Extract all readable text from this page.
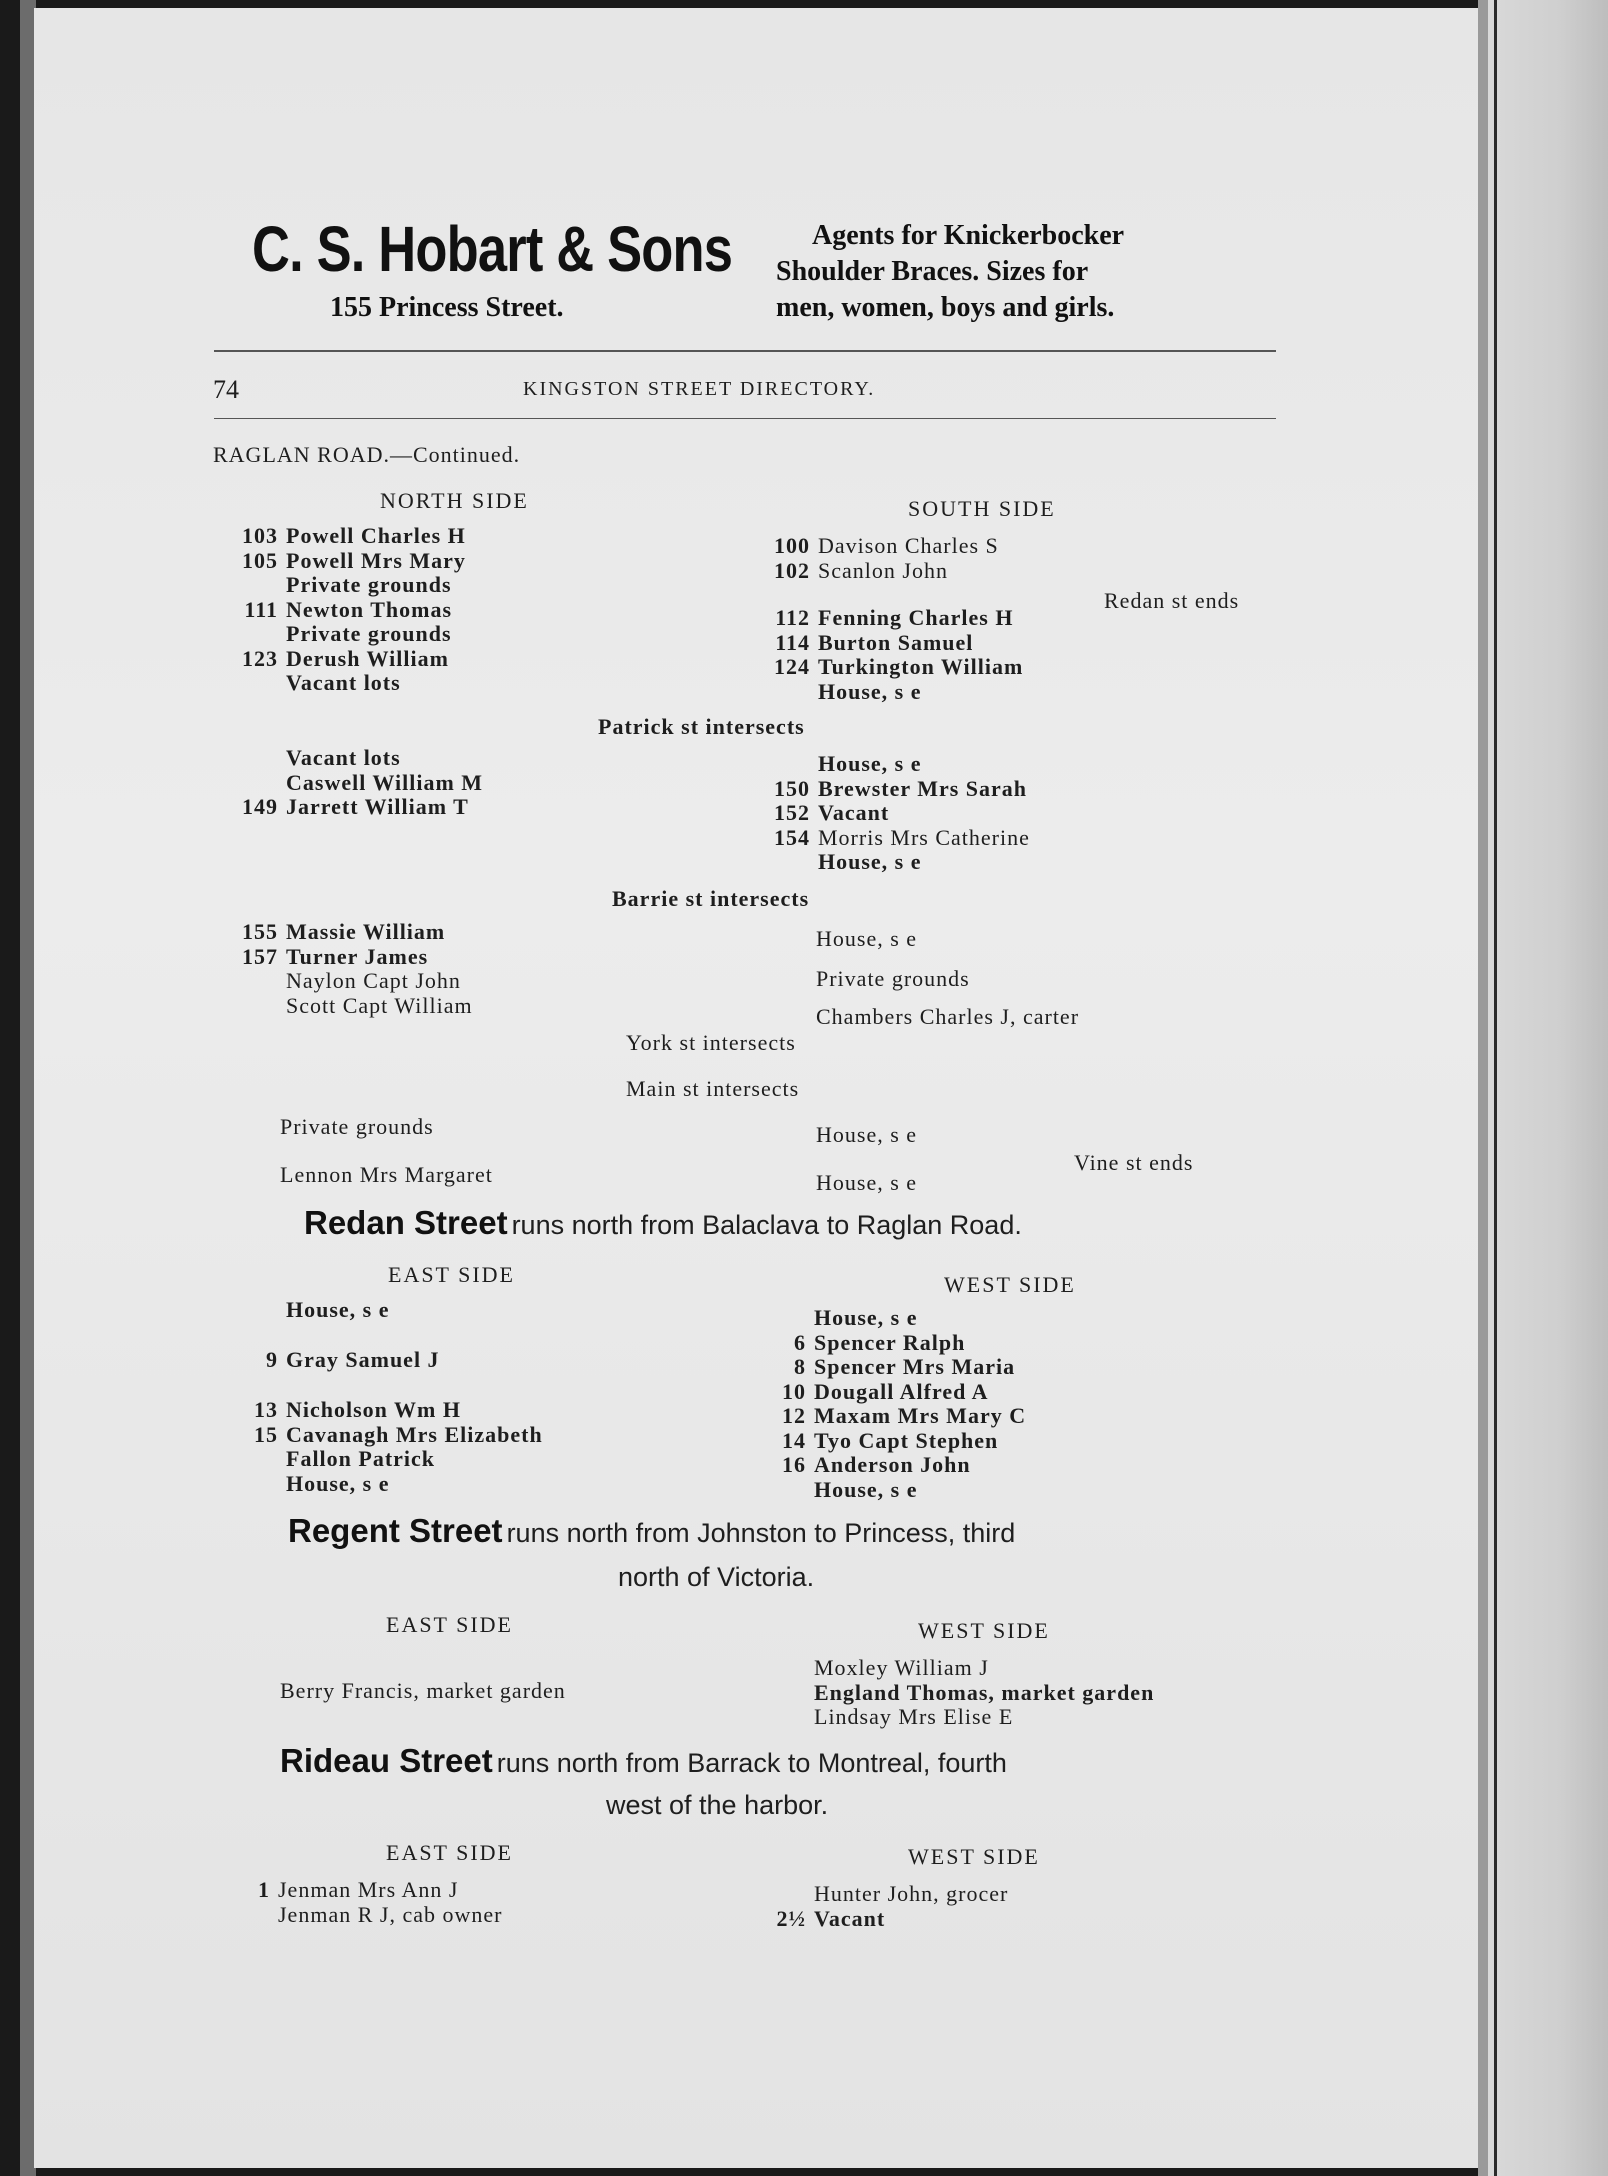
C. S. Hobart & Sons
155 Princess Street.
Agents for Knickerbocker
Shoulder Braces. Sizes for
men, women, boys and girls.
74	KINGSTON STREET DIRECTORY.
RAGLAN ROAD.—Continued.
NORTH SIDE	SOUTH SIDE
103 Powell Charles H
105 Powell Mrs Mary
Private grounds
111 Newton Thomas
Private grounds
123 Derush William
Vacant lots
100 Davison Charles S
102 Scanlon John
Redan st ends
112 Fenning Charles H
114 Burton Samuel
124 Turkington William
House, s e
Patrick st intersects
Vacant lots
Caswell William M
149 Jarrett William T
House, s e
150 Brewster Mrs Sarah
152 Vacant
154 Morris Mrs Catherine
House, s e
Barrie st intersects
155 Massie William
157 Turner James
Naylon Capt John
Scott Capt William
House, s e
Private grounds
Chambers Charles J, carter
York st intersects
Main st intersects
Private grounds
Lennon Mrs Margaret
House, s e
House, s e
Vine st ends
Redan Street runs north from Balaclava to Raglan Road.
EAST SIDE	WEST SIDE
House, s e
9 Gray Samuel J
13 Nicholson Wm H
15 Cavanagh Mrs Elizabeth
Fallon Patrick
House, s e
House, s e
6 Spencer Ralph
8 Spencer Mrs Maria
10 Dougall Alfred A
12 Maxam Mrs Mary C
14 Tyo Capt Stephen
16 Anderson John
House, s e
Regent Street runs north from Johnston to Princess, third
north of Victoria.
EAST SIDE	WEST SIDE
Berry Francis, market garden
Moxley William J
England Thomas, market garden
Lindsay Mrs Elise E
Rideau Street runs north from Barrack to Montreal, fourth
west of the harbor.
EAST SIDE	WEST SIDE
1 Jenman Mrs Ann J
Jenman R J, cab owner
Hunter John, grocer
2½ Vacant
